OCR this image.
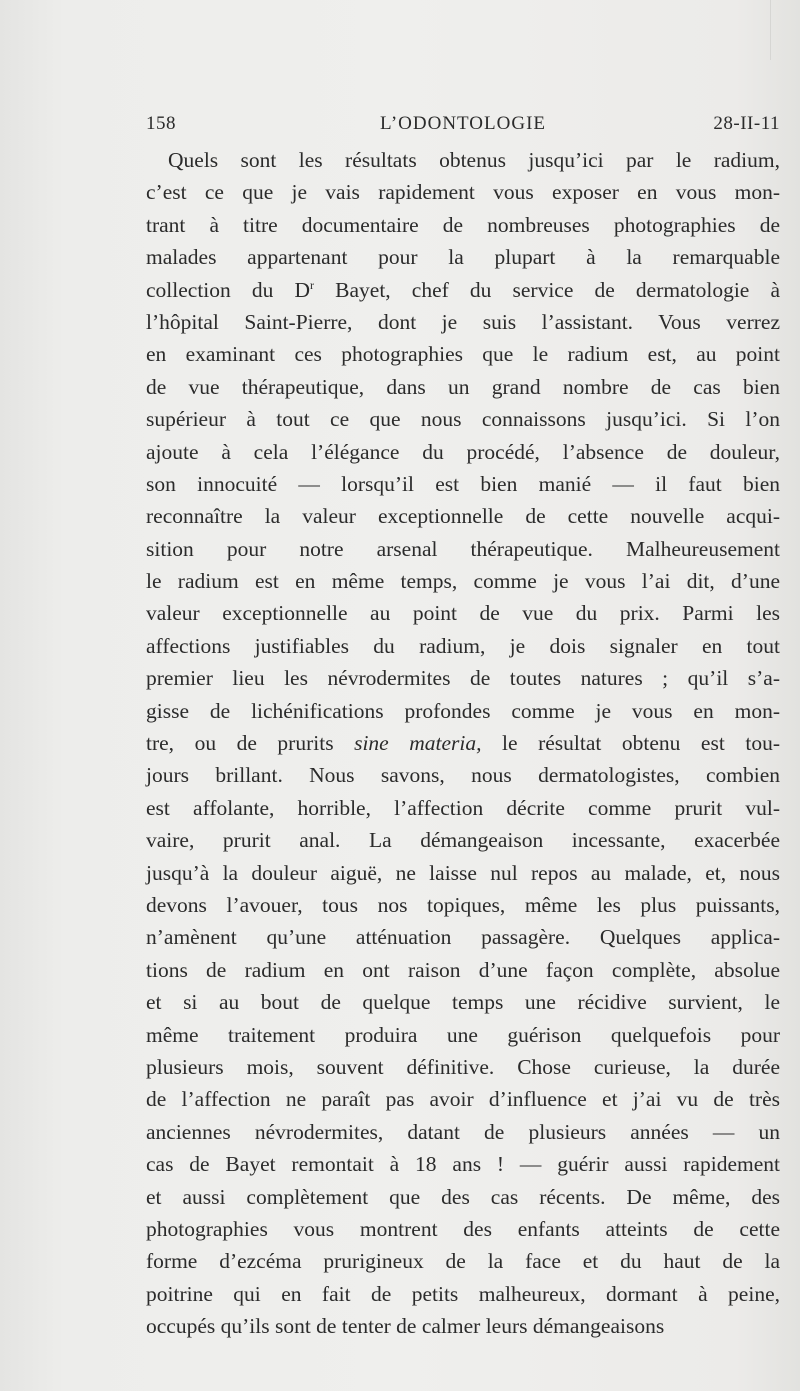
158	L’ODONTOLOGIE	28-II-11
Quels sont les résultats obtenus jusqu’ici par le radium,
c’est ce que je vais rapidement vous exposer en vous mon-
trant à titre documentaire de nombreuses photographies de
malades appartenant pour la plupart à la remarquable
collection du $D^r$ Bayet, chef du service de dermatologie à
l’hôpital Saint-Pierre, dont je suis l’assistant. Vous verrez
en examinant ces photographies que le radium est, au point
de vue thérapeutique, dans un grand nombre de cas bien
supérieur à tout ce que nous connaissons jusqu’ici. Si l’on
ajoute à cela l’élégance du procédé, l’absence de douleur,
son innocuité — lorsqu’il est bien manié — il faut bien
reconnaître la valeur exceptionnelle de cette nouvelle acqui-
sition pour notre arsenal thérapeutique. Malheureusement
le radium est en même temps, comme je vous l’ai dit, d’une
valeur exceptionnelle au point de vue du prix. Parmi les
affections justifiables du radium, je dois signaler en tout
premier lieu les névrodermites de toutes natures ; qu’il s’a-
gisse de lichénifications profondes comme je vous en mon-
tre, ou de prurits sine materia, le résultat obtenu est tou-
jours brillant. Nous savons, nous dermatologistes, combien
est affolante, horrible, l’affection décrite comme prurit vul-
vaire, prurit anal. La démangeaison incessante, exacerbée
jusqu’à la douleur aiguë, ne laisse nul repos au malade, et, nous
devons l’avouer, tous nos topiques, même les plus puissants,
n’amènent qu’une atténuation passagère. Quelques applica-
tions de radium en ont raison d’une façon complète, absolue
et si au bout de quelque temps une récidive survient, le
même traitement produira une guérison quelquefois pour
plusieurs mois, souvent définitive. Chose curieuse, la durée
de l’affection ne paraît pas avoir d’influence et j’ai vu de très
anciennes névrodermites, datant de plusieurs années — un
cas de Bayet remontait à 18 ans ! — guérir aussi rapidement
et aussi complètement que des cas récents. De même, des
photographies vous montrent des enfants atteints de cette
forme d’ezcéma prurigineux de la face et du haut de la
poitrine qui en fait de petits malheureux, dormant à peine,
occupés qu’ils sont de tenter de calmer leurs démangeaisons
